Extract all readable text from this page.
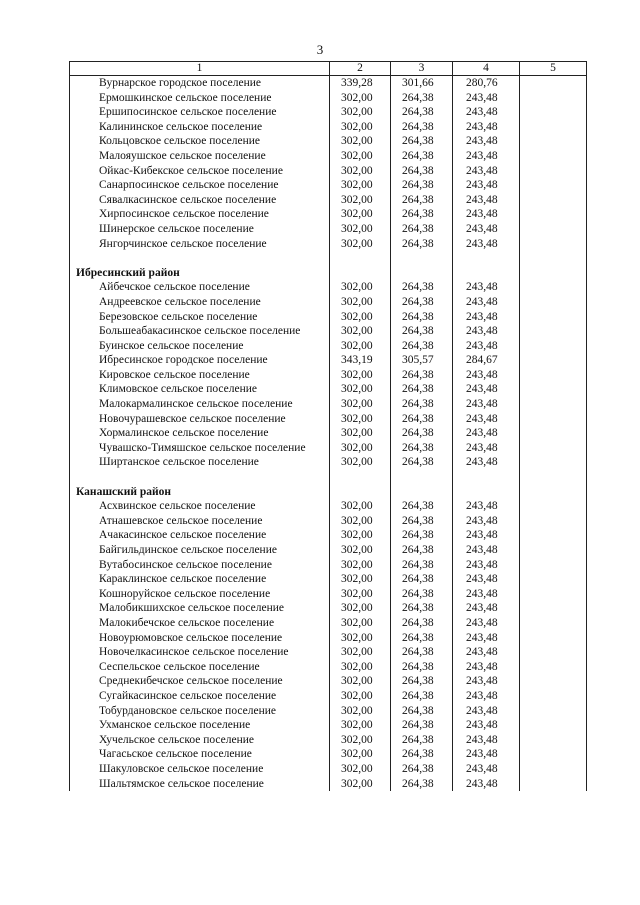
3
1	2	3	4	5
Вурнарское городское поселение	339,28	301,66	280,76	
Ермошкинское сельское поселение	302,00	264,38	243,48	
Ершипосинское сельское поселение	302,00	264,38	243,48	
Калининское сельское поселение	302,00	264,38	243,48	
Кольцовское сельское поселение	302,00	264,38	243,48	
Малояушское сельское поселение	302,00	264,38	243,48	
Ойкас-Кибекское сельское поселение	302,00	264,38	243,48	
Санарпосинское сельское поселение	302,00	264,38	243,48	
Сявалкасинское сельское поселение	302,00	264,38	243,48	
Хирпосинское сельское поселение	302,00	264,38	243,48	
Шинерское сельское поселение	302,00	264,38	243,48	
Янгорчинское сельское поселение	302,00	264,38	243,48	

Ибресинский район				
Айбечское сельское поселение	302,00	264,38	243,48	
Андреевское сельское поселение	302,00	264,38	243,48	
Березовское сельское поселение	302,00	264,38	243,48	
Большеабакасинское сельское поселение	302,00	264,38	243,48	
Буинское сельское поселение	302,00	264,38	243,48	
Ибресинское городское поселение	343,19	305,57	284,67	
Кировское сельское поселение	302,00	264,38	243,48	
Климовское сельское поселение	302,00	264,38	243,48	
Малокармалинское сельское поселение	302,00	264,38	243,48	
Новочурашевское сельское поселение	302,00	264,38	243,48	
Хормалинское сельское поселение	302,00	264,38	243,48	
Чувашско-Тимяшское сельское поселение	302,00	264,38	243,48	
Ширтанское сельское поселение	302,00	264,38	243,48	

Канашский район				
Асхвинское сельское поселение	302,00	264,38	243,48	
Атнашевское сельское поселение	302,00	264,38	243,48	
Ачакасинское сельское поселение	302,00	264,38	243,48	
Байгильдинское сельское поселение	302,00	264,38	243,48	
Вутабосинское сельское поселение	302,00	264,38	243,48	
Караклинское сельское поселение	302,00	264,38	243,48	
Кошноруйское сельское поселение	302,00	264,38	243,48	
Малобикшихское сельское поселение	302,00	264,38	243,48	
Малокибечское сельское поселение	302,00	264,38	243,48	
Новоурюмовское сельское поселение	302,00	264,38	243,48	
Новочелкасинское сельское поселение	302,00	264,38	243,48	
Сеспельское сельское поселение	302,00	264,38	243,48	
Среднекибечское сельское поселение	302,00	264,38	243,48	
Сугайкасинское сельское поселение	302,00	264,38	243,48	
Тобурдановское сельское поселение	302,00	264,38	243,48	
Ухманское сельское поселение	302,00	264,38	243,48	
Хучельское сельское поселение	302,00	264,38	243,48	
Чагасьское сельское поселение	302,00	264,38	243,48	
Шакуловское сельское поселение	302,00	264,38	243,48	
Шальтямское сельское поселение	302,00	264,38	243,48	
